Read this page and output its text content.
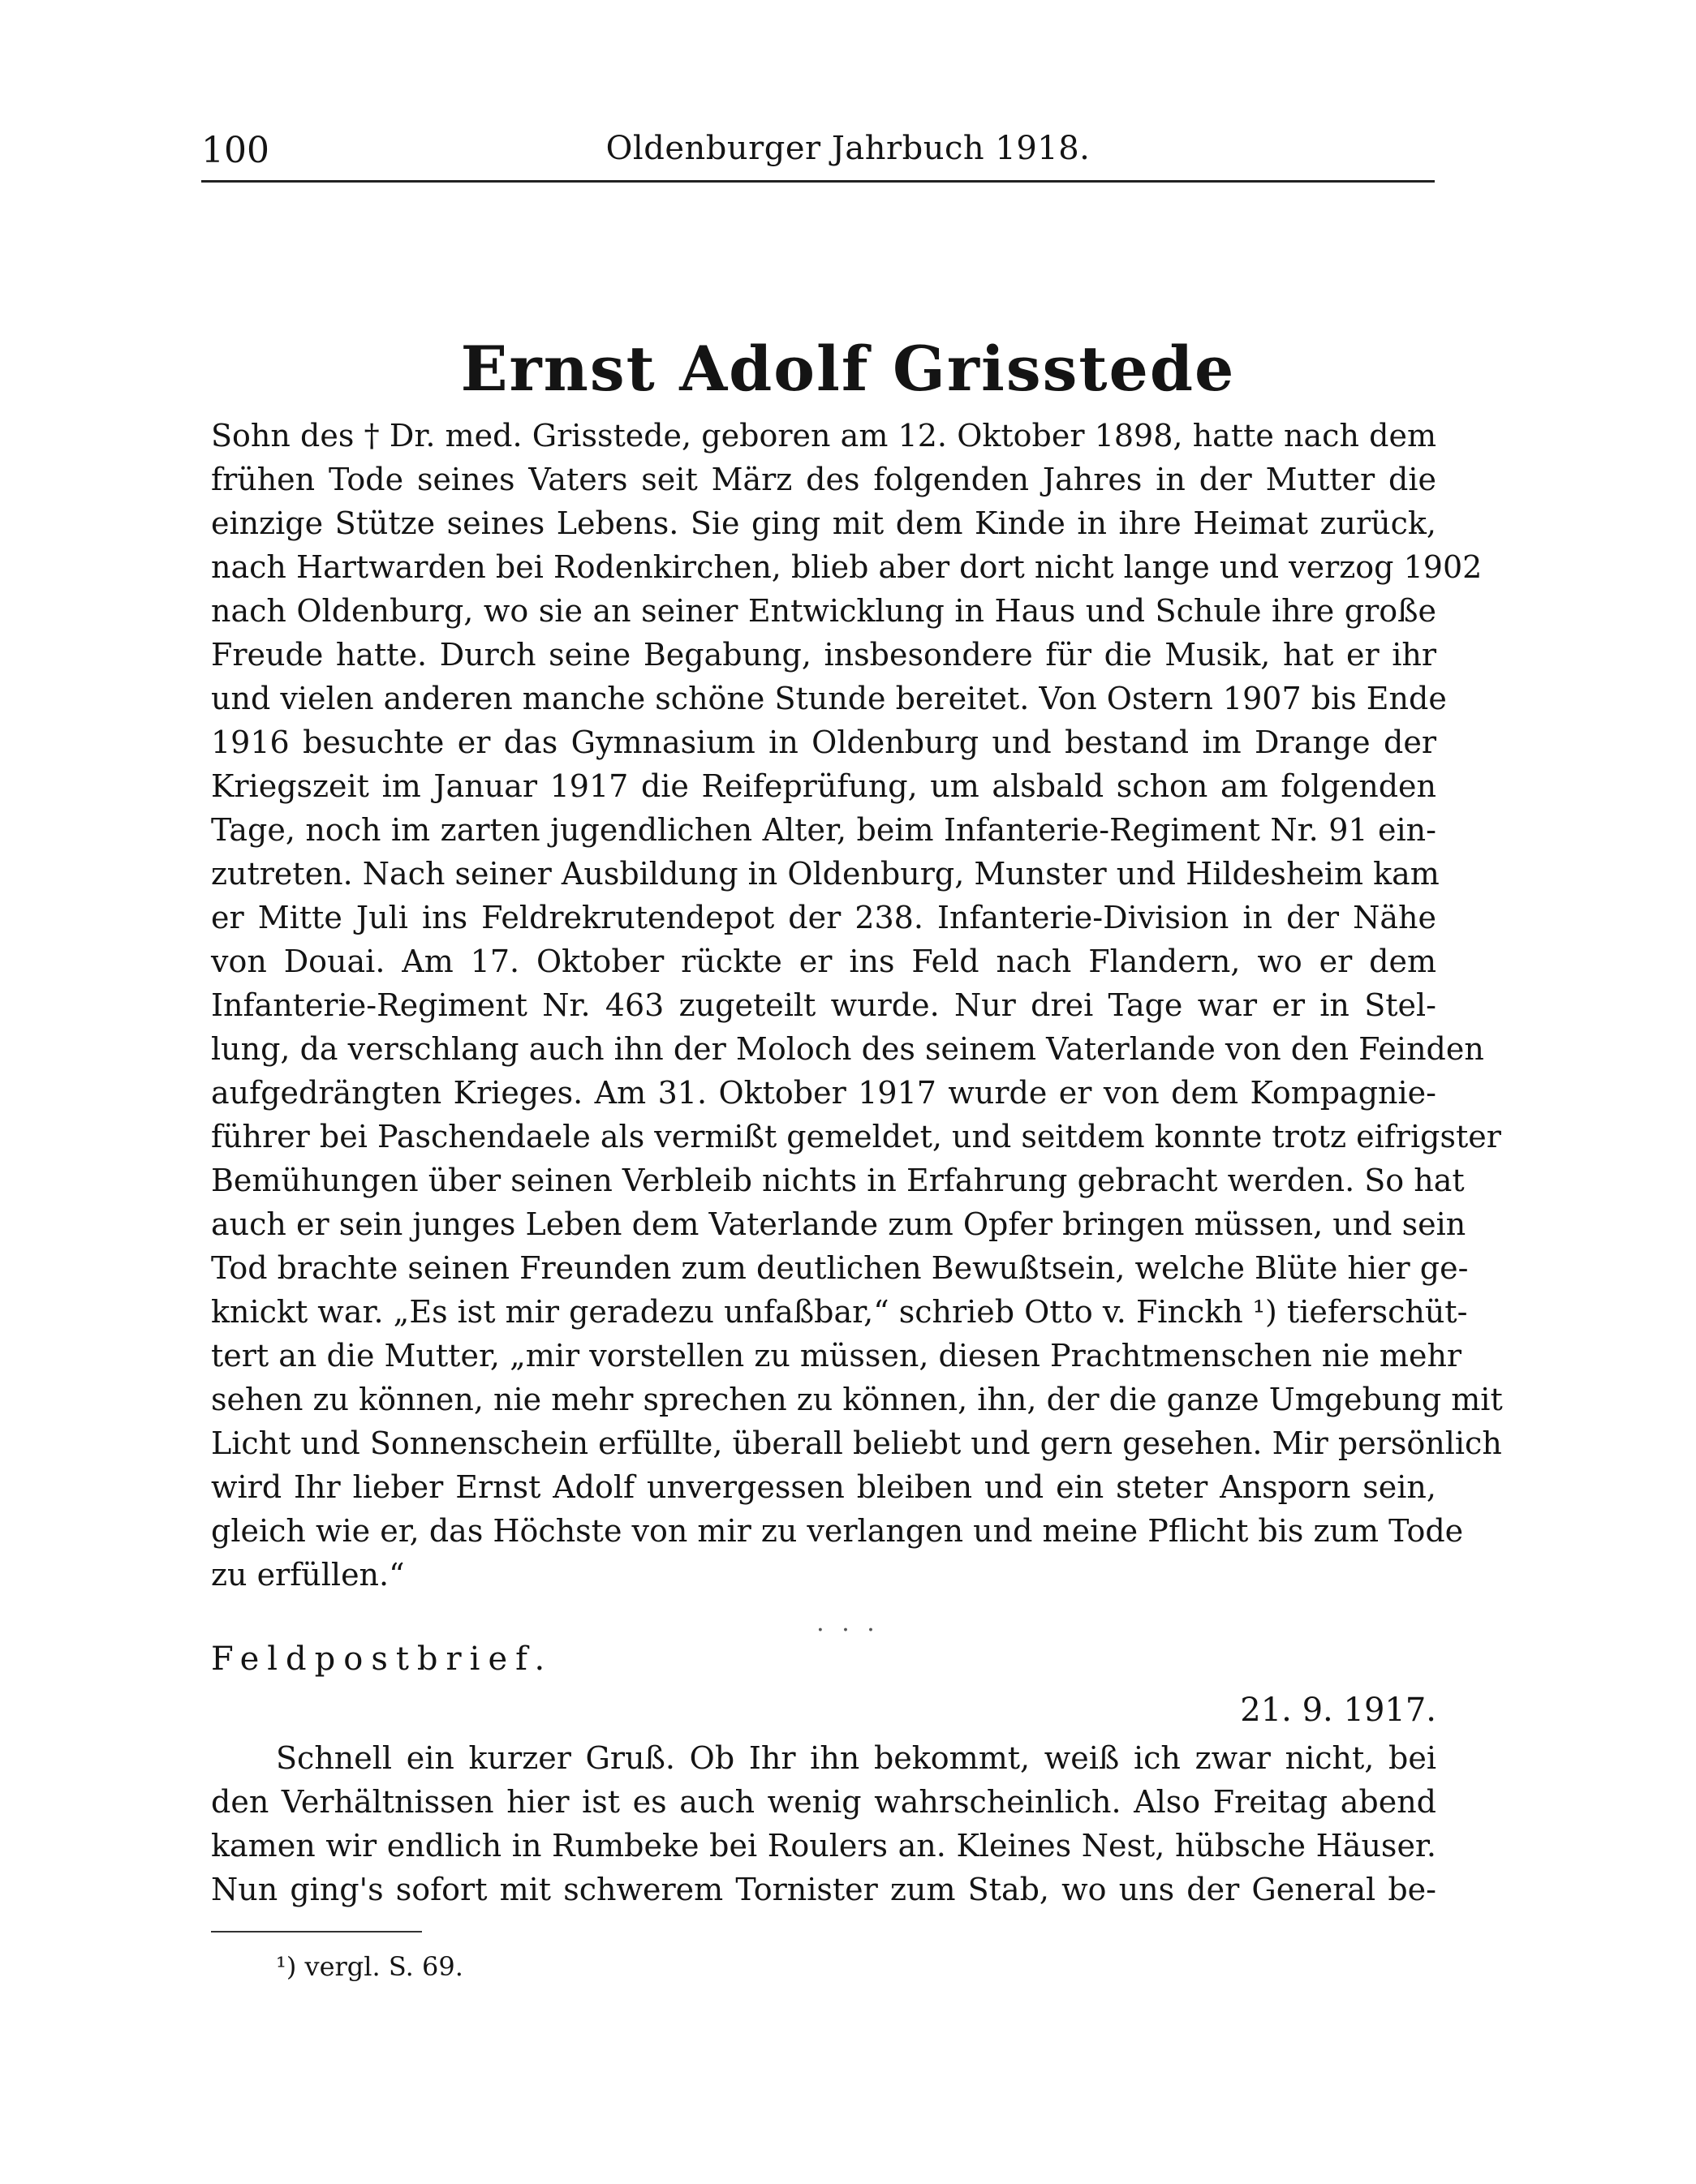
100	Oldenburger Jahrbuch 1918.
Ernst Adolf Grisstede
Sohn des † Dr. med. Grisstede, geboren am 12. Oktober 1898, hatte nach dem
frühen Tode seines Vaters seit März des folgenden Jahres in der Mutter die
einzige Stütze seines Lebens. Sie ging mit dem Kinde in ihre Heimat zurück,
nach Hartwarden bei Rodenkirchen, blieb aber dort nicht lange und verzog 1902
nach Oldenburg, wo sie an seiner Entwicklung in Haus und Schule ihre große
Freude hatte. Durch seine Begabung, insbesondere für die Musik, hat er ihr
und vielen anderen manche schöne Stunde bereitet. Von Ostern 1907 bis Ende
1916 besuchte er das Gymnasium in Oldenburg und bestand im Drange der
Kriegszeit im Januar 1917 die Reifeprüfung, um alsbald schon am folgenden
Tage, noch im zarten jugendlichen Alter, beim Infanterie-Regiment Nr. 91 ein-
zutreten. Nach seiner Ausbildung in Oldenburg, Munster und Hildesheim kam
er Mitte Juli ins Feldrekrutendepot der 238. Infanterie-Division in der Nähe
von Douai. Am 17. Oktober rückte er ins Feld nach Flandern, wo er dem
Infanterie-Regiment Nr. 463 zugeteilt wurde. Nur drei Tage war er in Stel-
lung, da verschlang auch ihn der Moloch des seinem Vaterlande von den Feinden
aufgedrängten Krieges. Am 31. Oktober 1917 wurde er von dem Kompagnie-
führer bei Paschendaele als vermißt gemeldet, und seitdem konnte trotz eifrigster
Bemühungen über seinen Verbleib nichts in Erfahrung gebracht werden. So hat
auch er sein junges Leben dem Vaterlande zum Opfer bringen müssen, und sein
Tod brachte seinen Freunden zum deutlichen Bewußtsein, welche Blüte hier ge-
knickt war. „Es ist mir geradezu unfaßbar,“ schrieb Otto v. Finckh ¹) tieferschüt-
tert an die Mutter, „mir vorstellen zu müssen, diesen Prachtmenschen nie mehr
sehen zu können, nie mehr sprechen zu können, ihn, der die ganze Umgebung mit
Licht und Sonnenschein erfüllte, überall beliebt und gern gesehen. Mir persönlich
wird Ihr lieber Ernst Adolf unvergessen bleiben und ein steter Ansporn sein,
gleich wie er, das Höchste von mir zu verlangen und meine Pflicht bis zum Tode
zu erfüllen.“
· · ·
Feldpostbrief.
21. 9. 1917.
Schnell ein kurzer Gruß. Ob Ihr ihn bekommt, weiß ich zwar nicht, bei
den Verhältnissen hier ist es auch wenig wahrscheinlich. Also Freitag abend
kamen wir endlich in Rumbeke bei Roulers an. Kleines Nest, hübsche Häuser.
Nun ging's sofort mit schwerem Tornister zum Stab, wo uns der General be-
¹) vergl. S. 69.
